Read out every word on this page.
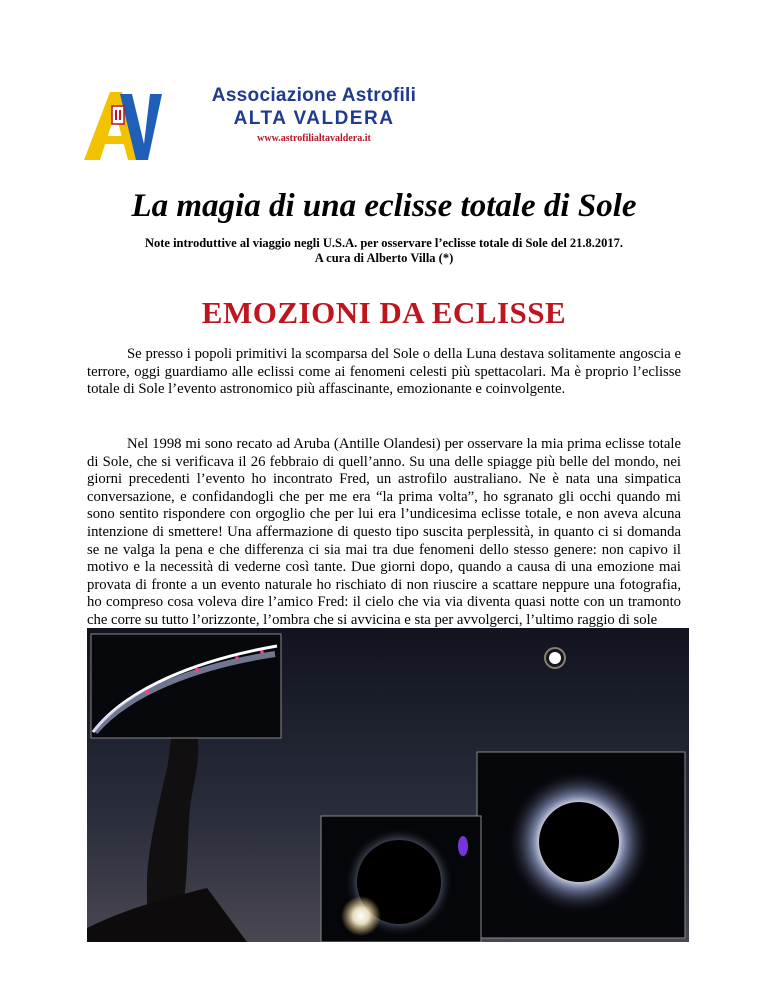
Associazione Astrofili
ALTA VALDERA
www.astrofilialtavaldera.it
La magia di una eclisse totale di Sole
Note introduttive al viaggio negli U.S.A. per osservare l’eclisse totale di Sole del 21.8.2017.
A cura di Alberto Villa (*)
EMOZIONI DA ECLISSE

Se presso i popoli primitivi la scomparsa del Sole o della Luna destava solitamente angoscia e terrore, oggi guardiamo alle eclissi come ai fenomeni celesti più spettacolari. Ma è proprio l’eclisse totale di Sole l’evento astronomico più affascinante, emozionante e coinvolgente.

Nel 1998 mi sono recato ad Aruba (Antille Olandesi) per osservare la mia prima eclisse totale di Sole, che si verificava il 26 febbraio di quell’anno. Su una delle spiagge più belle del mondo, nei giorni precedenti l’evento ho incontrato Fred, un astrofilo australiano. Ne è nata una simpatica conversazione, e confidandogli che per me era “la prima volta”, ho sgranato gli occhi quando mi sono sentito rispondere con orgoglio che per lui era l’undicesima eclisse totale, e non aveva alcuna intenzione di smettere! Una affermazione di questo tipo suscita perplessità, in quanto ci si domanda se ne valga la pena e che differenza ci sia mai tra due fenomeni dello stesso genere: non capivo il motivo e la necessità di vederne così tante. Due giorni dopo, quando a causa di una emozione mai provata di fronte a un evento naturale ho rischiato di non riuscire a scattare neppure una fotografia, ho compreso cosa voleva dire l’amico Fred: il cielo che via via diventa quasi notte con un tramonto che corre su tutto l’orizzonte, l’ombra che si avvicina e sta per avvolgerci, l’ultimo raggio di sole
